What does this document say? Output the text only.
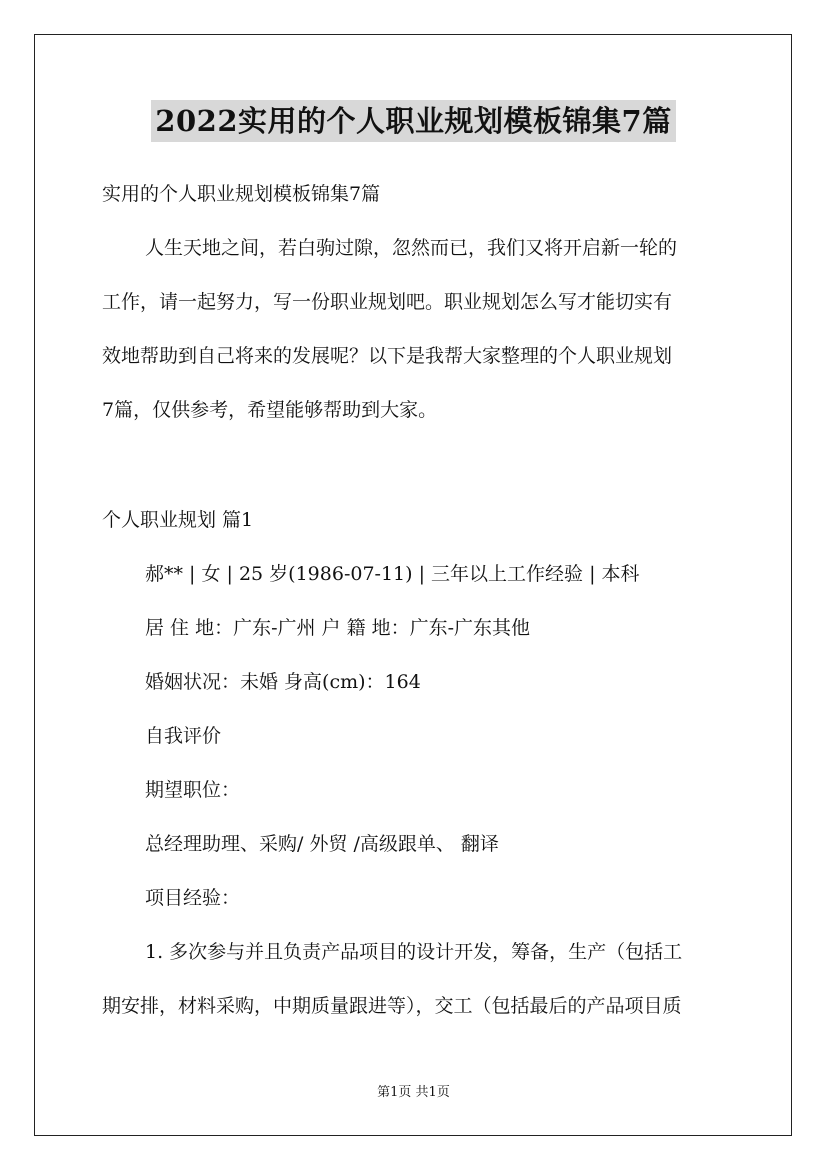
2022实用的个人职业规划模板锦集7篇
实用的个人职业规划模板锦集7篇
人生天地之间，若白驹过隙，忽然而已，我们又将开启新一轮的
工作，请一起努力，写一份职业规划吧。职业规划怎么写才能切实有
效地帮助到自己将来的发展呢？以下是我帮大家整理的个人职业规划
7篇，仅供参考，希望能够帮助到大家。
个人职业规划 篇1
郝** | 女 | 25 岁(1986-07-11) | 三年以上工作经验 | 本科
居 住 地：广东-广州 户 籍 地：广东-广东其他
婚姻状况：未婚 身高(cm)：164
自我评价
期望职位：
总经理助理、采购/ 外贸 /高级跟单、 翻译
项目经验：
1. 多次参与并且负责产品项目的设计开发，筹备，生产（包括工
期安排，材料采购，中期质量跟进等），交工（包括最后的产品项目质
第1页 共1页
